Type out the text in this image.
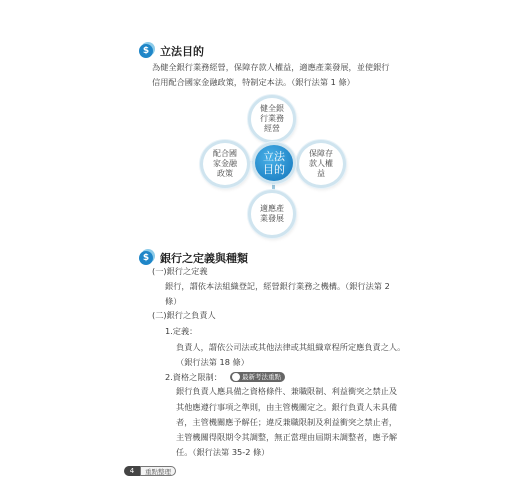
$ 立法目的
為健全銀行業務經營，保障存款人權益，適應產業發展，並使銀行
信用配合國家金融政策，特制定本法。（銀行法第 1 條）
健全銀
行業務
經營
配合國
家金融
政策
保障存
款人權
益
適應產
業發展
立法
目的
$ 銀行之定義與種類
(一)銀行之定義
銀行，謂依本法組織登記，經營銀行業務之機構。（銀行法第 2
條）
(二)銀行之負責人
1.定義：
負責人，謂依公司法或其他法律或其組織章程所定應負責之人。
（銀行法第 18 條）
2.資格之限制：	最新考法重點
銀行負責人應具備之資格條件、兼職限制、利益衝突之禁止及
其他應遵行事項之準則，由主管機關定之。銀行負責人未具備
者，主管機關應予解任；違反兼職限制及利益衝突之禁止者，
主管機關得限期令其調整，無正當理由屆期未調整者，應予解
任。（銀行法第 35-2 條）
4	重點整理
